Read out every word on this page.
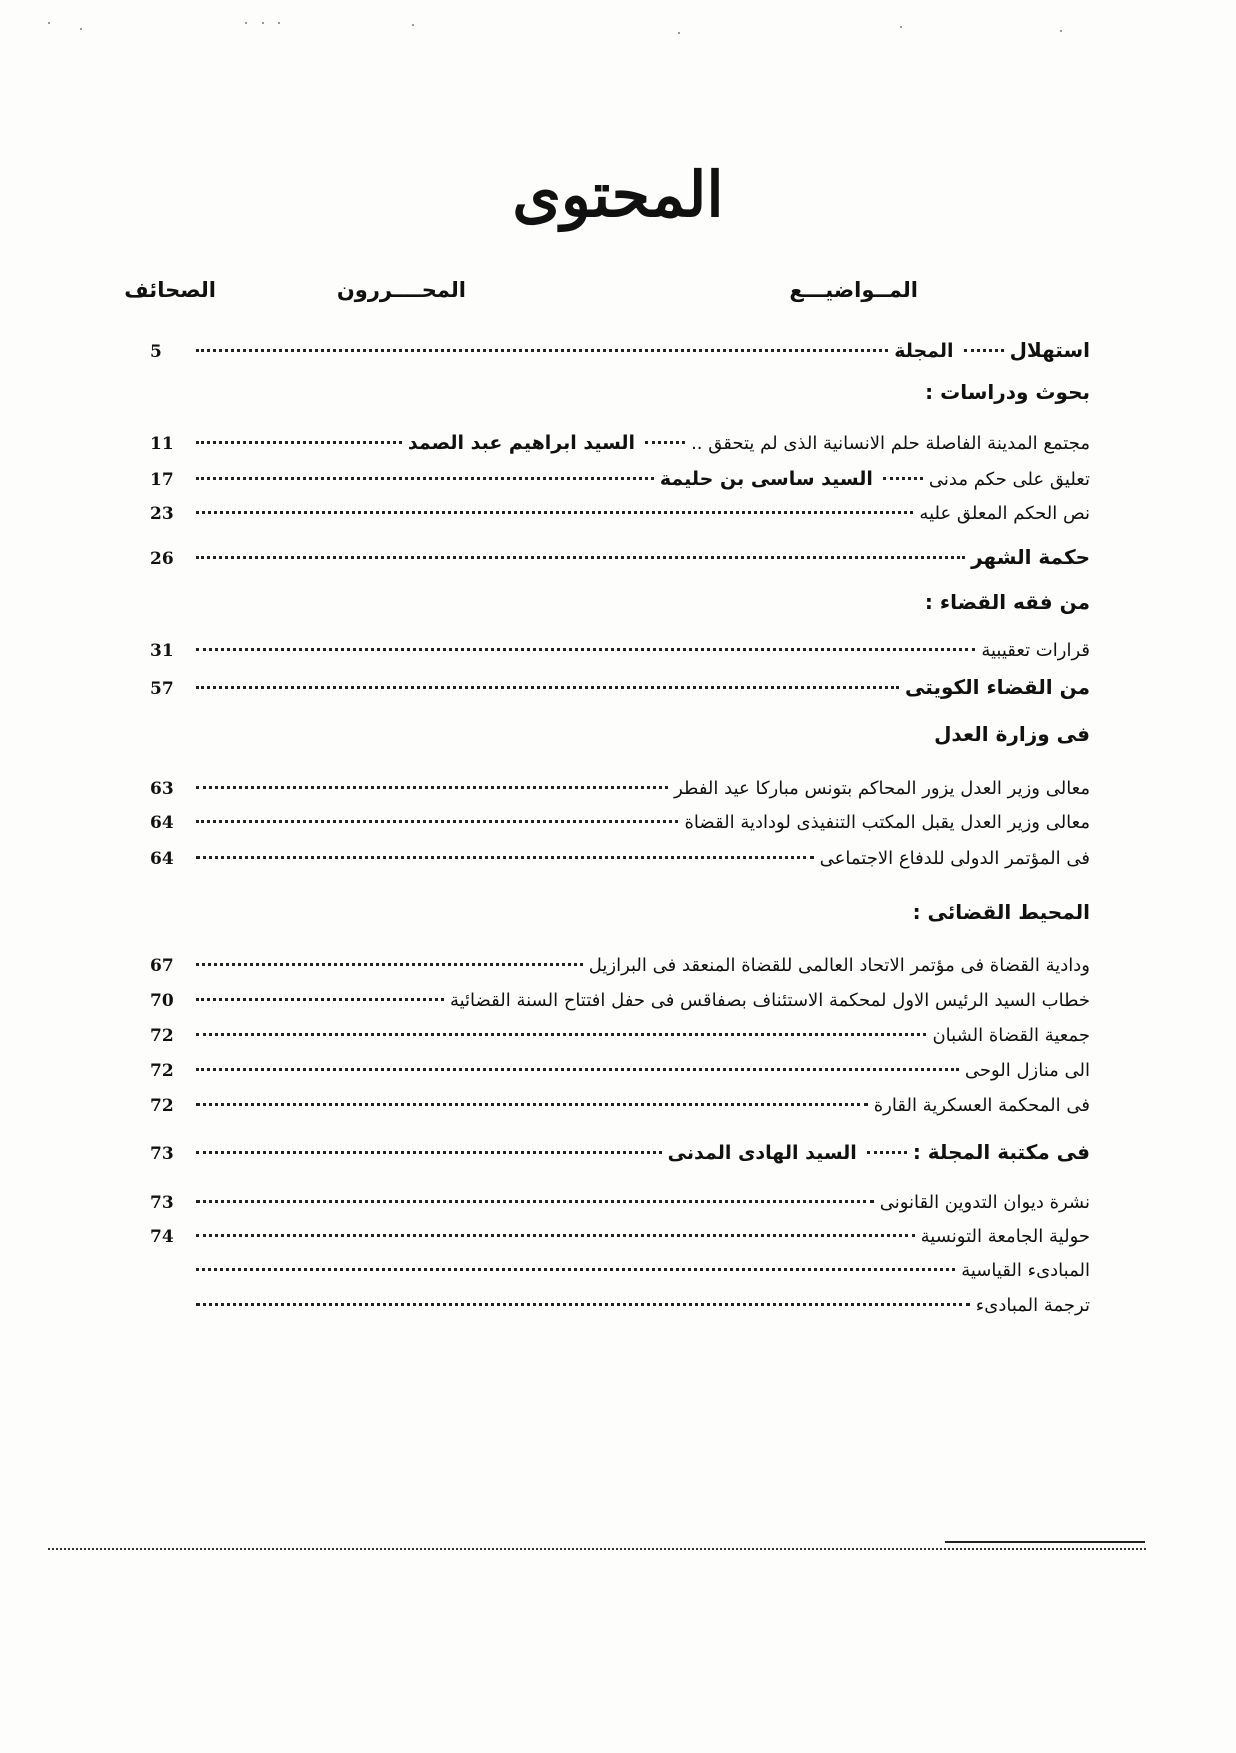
المحتوى
المــواضيـــع
المحــــررون
الصحائف
استهلال
المجلة
5
بحوث ودراسات :
مجتمع المدينة الفاصلة حلم الانسانية الذى لم يتحقق ..
السيد ابراهيم عبد الصمد
11
تعليق على حكم مدنى
السيد ساسى بن حليمة
17
نص الحكم المعلق عليه
23
حكمة الشهر
26
من فقه القضاء :
قرارات تعقيبية
31
من القضاء الكويتى
57
فى وزارة العدل
معالى وزير العدل يزور المحاكم بتونس مباركا عيد الفطر
63
معالى وزير العدل يقبل المكتب التنفيذى لودادية القضاة
64
فى المؤتمر الدولى للدفاع الاجتماعى
64
المحيط القضائى :
ودادية القضاة فى مؤتمر الاتحاد العالمى للقضاة المنعقد فى البرازيل
67
خطاب السيد الرئيس الاول لمحكمة الاستئناف بصفاقس فى حفل افتتاح السنة القضائية
70
جمعية القضاة الشبان
72
الى منازل الوحى
72
فى المحكمة العسكرية القارة
72
فى مكتبة المجلة :
السيد الهادى المدنى
73
نشرة ديوان التدوين القانونى
73
حولية الجامعة التونسية
74
المبادىء القياسية
ترجمة المبادىء
